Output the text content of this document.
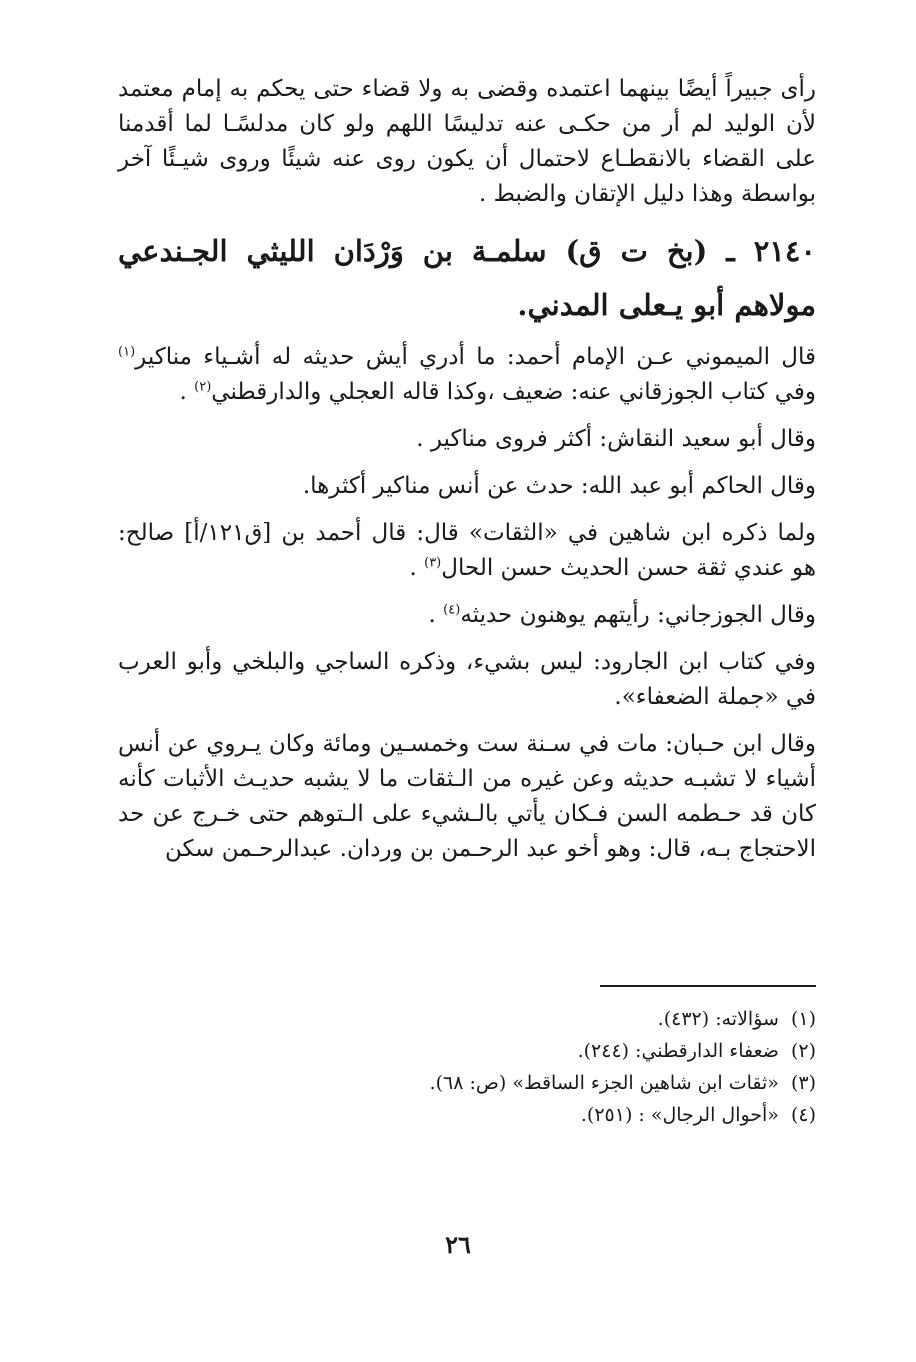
رأى جبيراً أيضًا بينهما اعتمده وقضى به ولا قضاء حتى يحكم به إمام معتمد لأن الوليد لم أر من حكـى عنه تدليسًا اللهم ولو كان مدلسًـا لما أقدمنا على القضاء بالانقطـاع لاحتمال أن يكون روى عنه شيئًا وروى شيـئًا آخر بواسطة وهذا دليل الإتقان والضبط .

٢١٤٠ ـ (بخ ت ق) سلمـة بن وَرْدَان الليثي الجـندعي مولاهم أبو يـعلى المدني.

قال الميموني عـن الإمام أحمد: ما أدري أيش حديثه له أشـياء مناكير$^{(١)}$ وفي كتاب الجوزقاني عنه: ضعيف ،وكذا قاله العجلي والدارقطني$^{(٢)}$ .

وقال أبو سعيد النقاش: أكثر فروى مناكير .

وقال الحاكم أبو عبد الله: حدث عن أنس مناكير أكثرها.

ولما ذكره ابن شاهين في «الثقات» قال: قال أحمد بن [ق١٢١/أ] صالح: هو عندي ثقة حسن الحديث حسن الحال$^{(٣)}$ .

وقال الجوزجاني: رأيتهم يوهنون حديثه$^{(٤)}$ .

وفي كتاب ابن الجارود: ليس بشيء، وذكره الساجي والبلخي وأبو العرب في «جملة الضعفاء».

وقال ابن حـبان: مات في سـنة ست وخمسـين ومائة وكان يـروي عن أنس أشياء لا تشبـه حديثه وعن غيره من الـثقات ما لا يشبه حديـث الأثبات كأنه كان قد حـطمه السن فـكان يأتي بالـشيء على الـتوهم حتى خـرج عن حد الاحتجاج بـه، قال: وهو أخو عبد الرحـمن بن وردان. عبدالرحـمن سكن

(١)سؤالاته: (٤٣٢).
(٢)ضعفاء الدارقطني: (٢٤٤).
(٣)«ثقات ابن شاهين الجزء الساقط» (ص: ٦٨).
(٤)«أحوال الرجال» : (٢٥١).
٢٦
